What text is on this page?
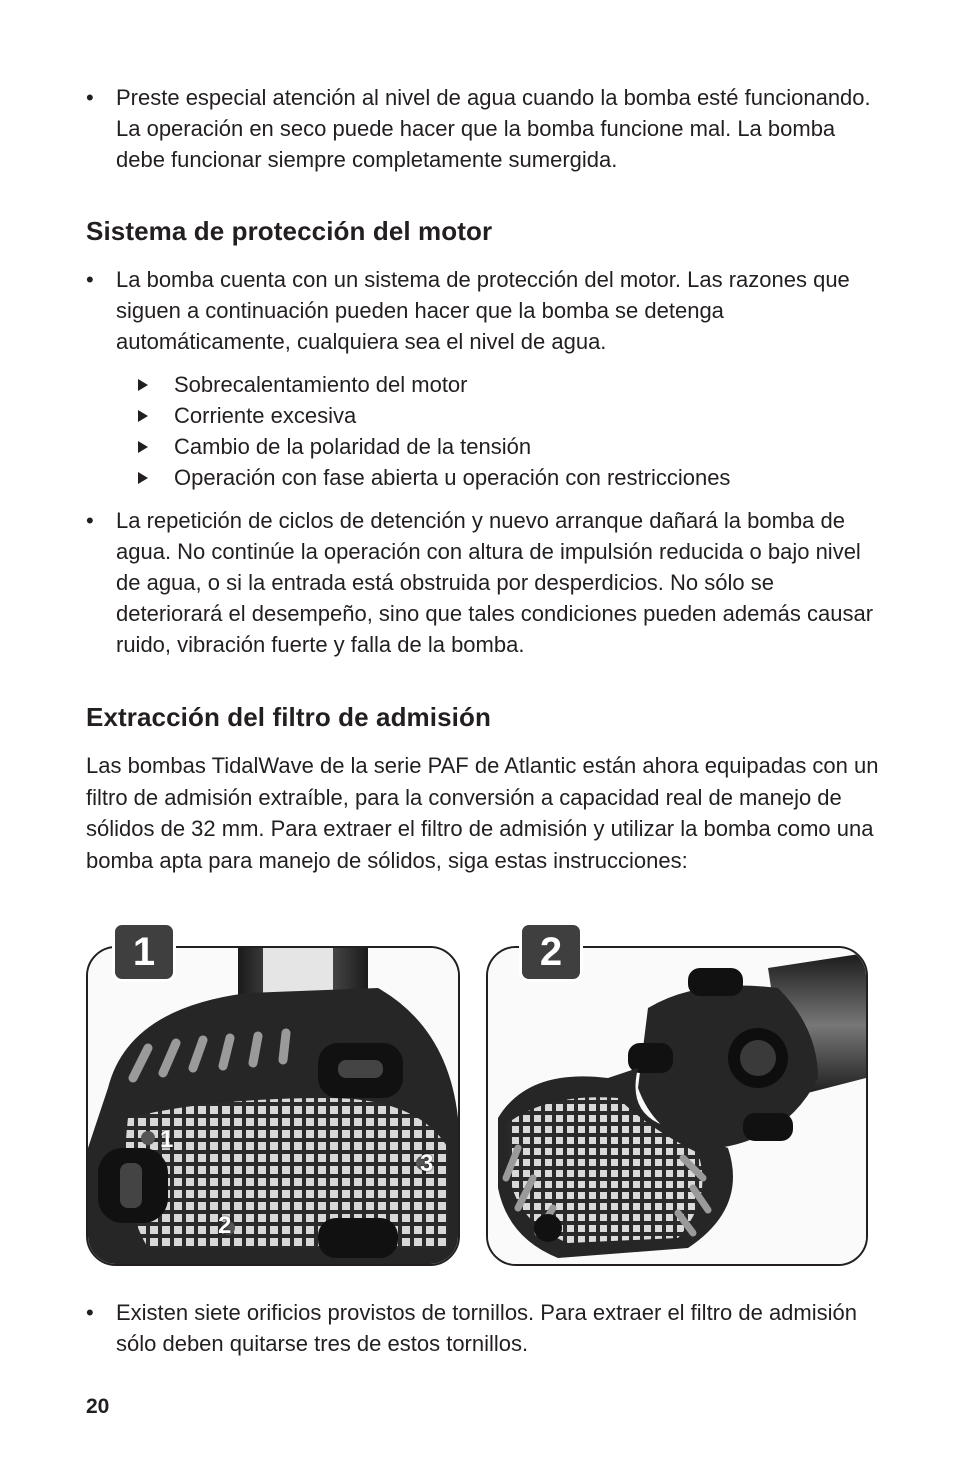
• Preste especial atención al nivel de agua cuando la bomba esté funcionando. La operación en seco puede hacer que la bomba funcione mal. La bomba debe funcionar siempre completamente sumergida.
Sistema de protección del motor
• La bomba cuenta con un sistema de protección del motor. Las razones que siguen a continuación pueden hacer que la bomba se detenga automáticamente, cualquiera sea el nivel de agua.
Sobrecalentamiento del motor
Corriente excesiva
Cambio de la polaridad de la tensión
Operación con fase abierta u operación con restricciones
• La repetición de ciclos de detención y nuevo arranque dañará la bomba de agua. No continúe la operación con altura de impulsión reducida o bajo nivel de agua, o si la entrada está obstruida por desperdicios. No sólo se deteriorará el desempeño, sino que tales condiciones pueden además causar ruido, vibración fuerte y falla de la bomba.
Extracción del filtro de admisión
Las bombas TidalWave de la serie PAF de Atlantic están ahora equipadas con un filtro de admisión extraíble, para la conversión a capacidad real de manejo de sólidos de 32 mm. Para extraer el filtro de admisión y utilizar la bomba como una bomba apta para manejo de sólidos, siga estas instrucciones:
1
1
2
3
2
• Existen siete orificios provistos de tornillos. Para extraer el filtro de admisión sólo deben quitarse tres de estos tornillos.
20
